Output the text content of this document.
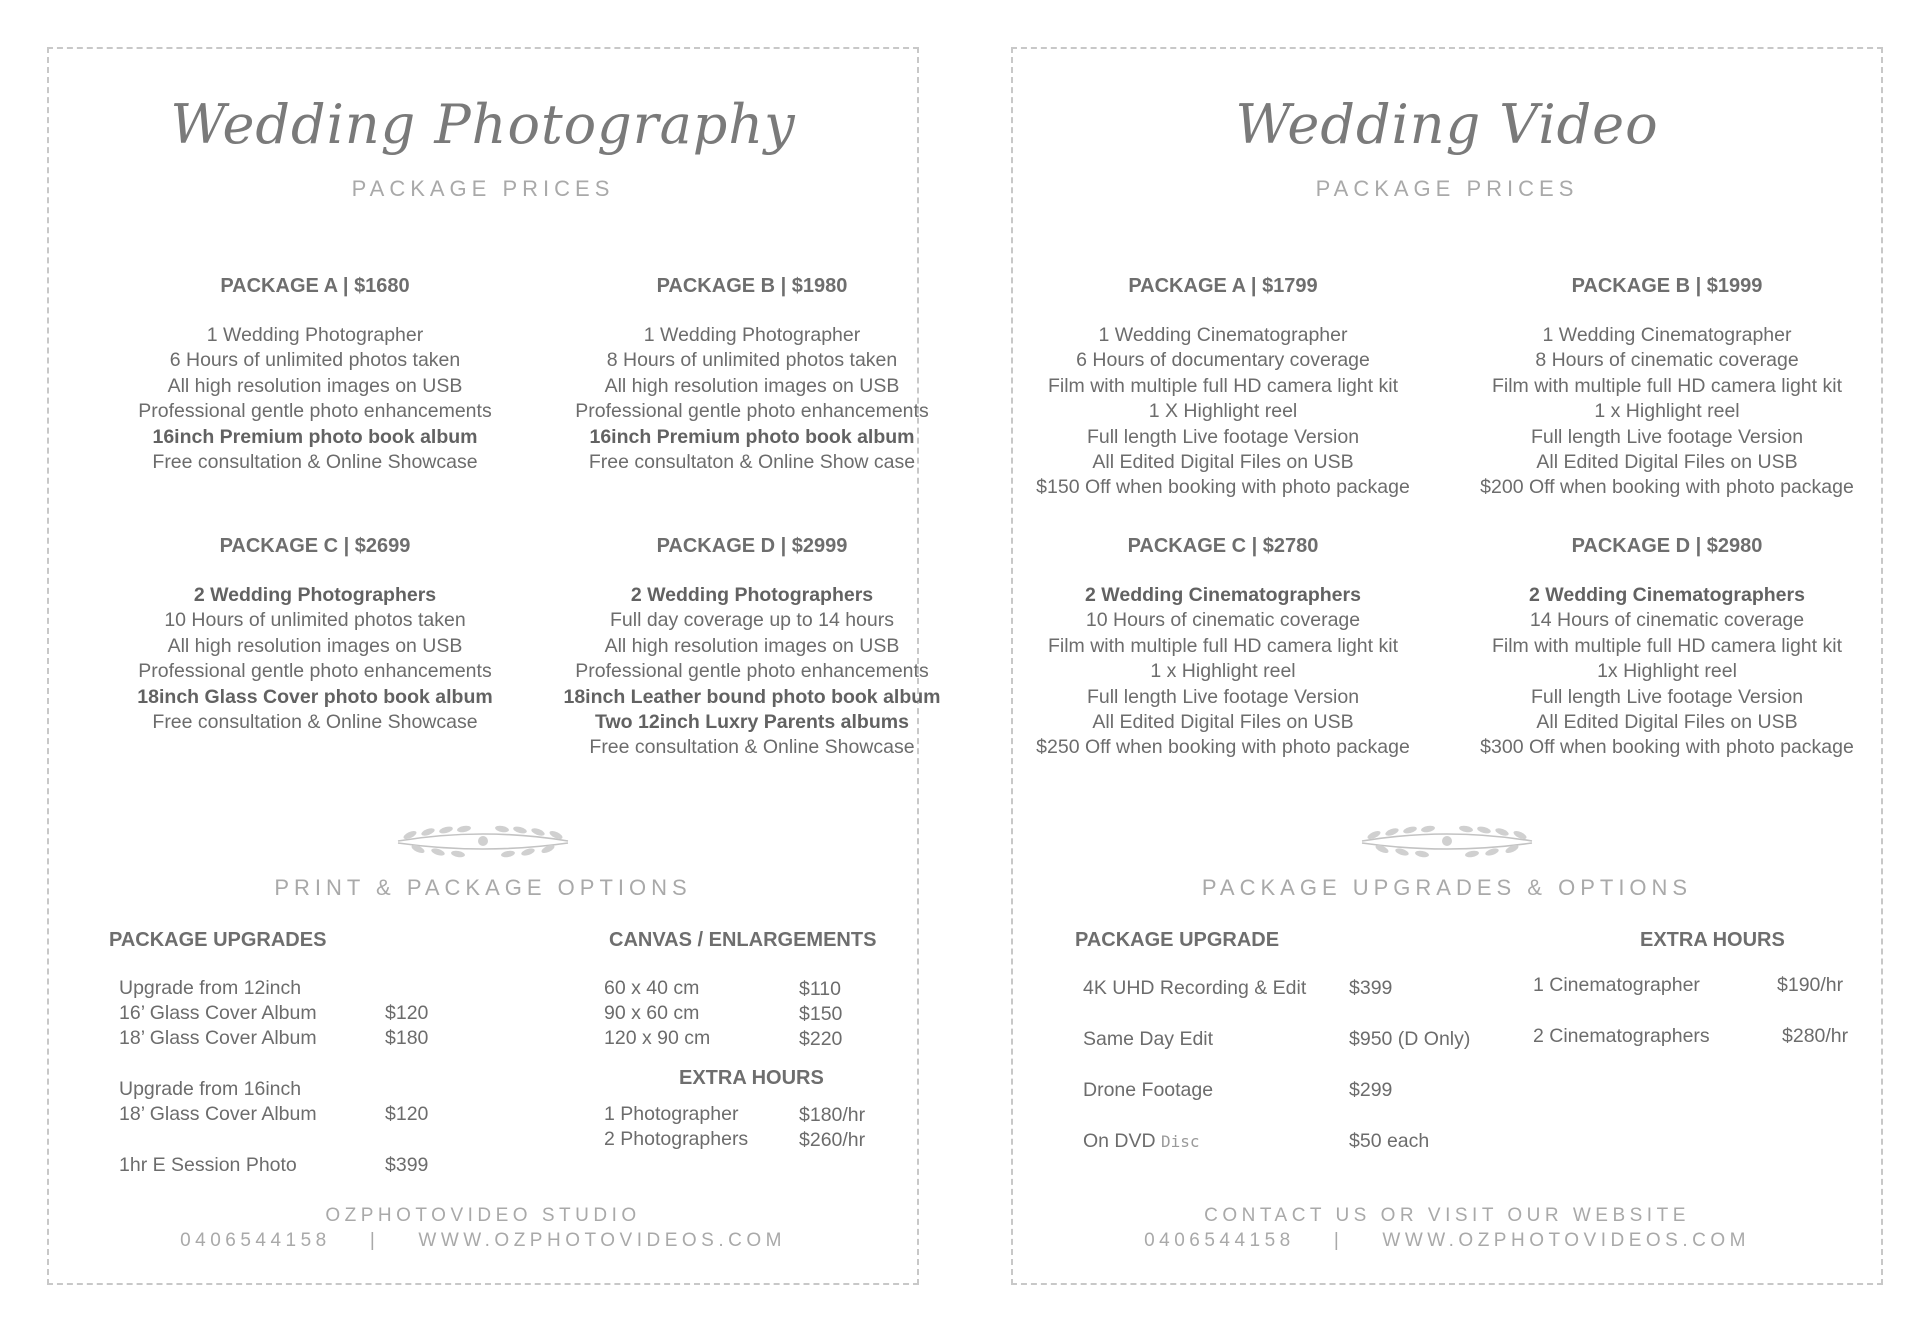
Wedding Photography
PACKAGE PRICES
PACKAGE A | $1680
1 Wedding Photographer
6 Hours of unlimited photos taken
All high resolution images on USB
Professional gentle photo enhancements
16inch Premium photo book album
Free consultation & Online Showcase
PACKAGE B | $1980
1 Wedding Photographer
8 Hours of unlimited photos taken
All high resolution images on USB
Professional gentle photo enhancements
16inch Premium photo book album
Free consultaton & Online Show case
PACKAGE C | $2699
2 Wedding Photographers
10 Hours of unlimited photos taken
All high resolution images on USB
Professional gentle photo enhancements
18inch Glass Cover photo book album
Free consultation & Online Showcase
PACKAGE D | $2999
2 Wedding Photographers
Full day coverage up to 14 hours
All high resolution images on USB
Professional gentle photo enhancements
18inch Leather bound photo book album
Two 12inch Luxry Parents albums
Free consultation & Online Showcase
PRINT & PACKAGE OPTIONS
PACKAGE UPGRADES
Upgrade from 12inch
16’ Glass Cover Album	$120
18’ Glass Cover Album	$180
Upgrade from 16inch
18’ Glass Cover Album	$120
1hr E Session Photo	$399
CANVAS / ENLARGEMENTS
60 x 40 cm	$110
90 x 60 cm	$150
120 x 90 cm	$220
EXTRA HOURS
1 Photographer	$180/hr
2 Photographers	$260/hr
OZPHOTOVIDEO STUDIO
0406544158    |    WWW.OZPHOTOVIDEOS.COM
Wedding Video
PACKAGE PRICES
PACKAGE A | $1799
1 Wedding Cinematographer
6 Hours of documentary coverage
Film with multiple full HD camera light kit
1 X Highlight reel
Full length Live footage Version
All Edited Digital Files on USB
$150 Off when booking with photo package
PACKAGE B | $1999
1 Wedding Cinematographer
8 Hours of cinematic coverage
Film with multiple full HD camera light kit
1 x Highlight reel
Full length Live footage Version
All Edited Digital Files on USB
$200 Off when booking with photo package
PACKAGE C | $2780
2 Wedding Cinematographers
10 Hours of cinematic coverage
Film with multiple full HD camera light kit
1 x Highlight reel
Full length Live footage Version
All Edited Digital Files on USB
$250 Off when booking with photo package
PACKAGE D | $2980
2 Wedding Cinematographers
14 Hours of cinematic coverage
Film with multiple full HD camera light kit
1x Highlight reel
Full length Live footage Version
All Edited Digital Files on USB
$300 Off when booking with photo package
PACKAGE UPGRADES & OPTIONS
PACKAGE UPGRADE
4K UHD Recording & Edit $399
Same Day Edit	$950 (D Only)
Drone Footage	$299
On DVD Disc	$50 each
EXTRA HOURS
1 Cinematographer	$190/hr
2 Cinematographers	$280/hr
CONTACT US OR VISIT OUR WEBSITE
0406544158    |    WWW.OZPHOTOVIDEOS.COM
